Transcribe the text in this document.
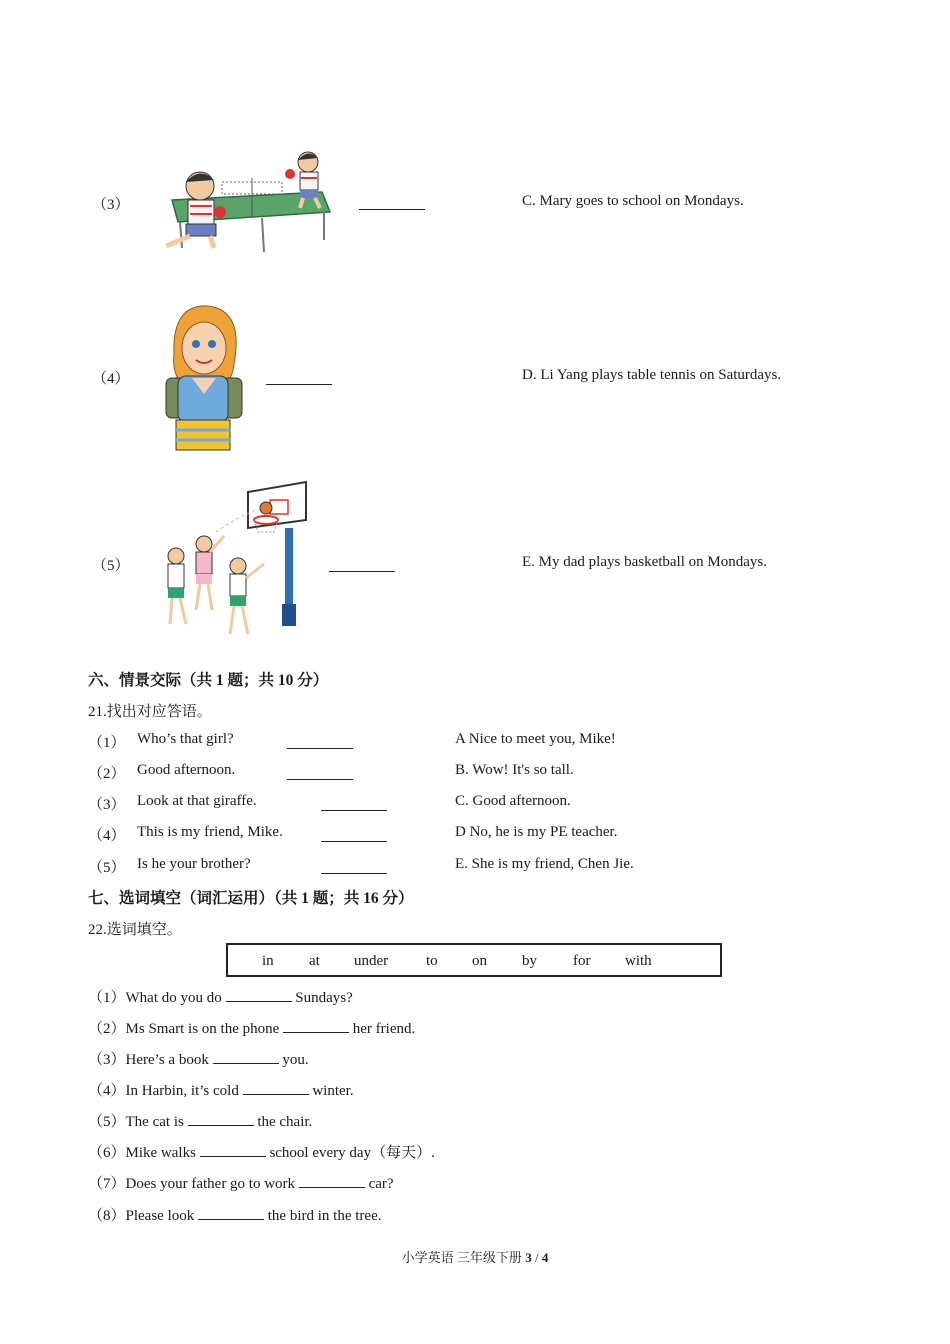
（3）	C. Mary goes to school on Mondays.
（4）	D. Li Yang plays table tennis on Saturdays.
（5）	E. My dad plays basketball on Mondays.
六、情景交际（共 1 题；共 10 分）
21.找出对应答语。
（1） Who’s that girl?	A Nice to meet you, Mike!
（2） Good afternoon.	B. Wow! It's so tall.
（3） Look at that giraffe.	C. Good afternoon.
（4） This is my friend, Mike.	D No, he is my PE teacher.
（5） Is he your brother?	E. She is my friend, Chen Jie.
七、选词填空（词汇运用）（共 1 题；共 16 分）
22.选词填空。
in at under	to on by for with
（1）What do you do	Sundays?
（2）Ms Smart is on the phone	her friend.
（3）Here’s a book	you.
（4）In Harbin, it’s cold	winter.
（5）The cat is	the chair.
（6）Mike walks	school every day（每天）.
（7）Does your father go to work	car?
（8）Please look	the bird in the tree.
小学英语 三年级下册 3 / 4
